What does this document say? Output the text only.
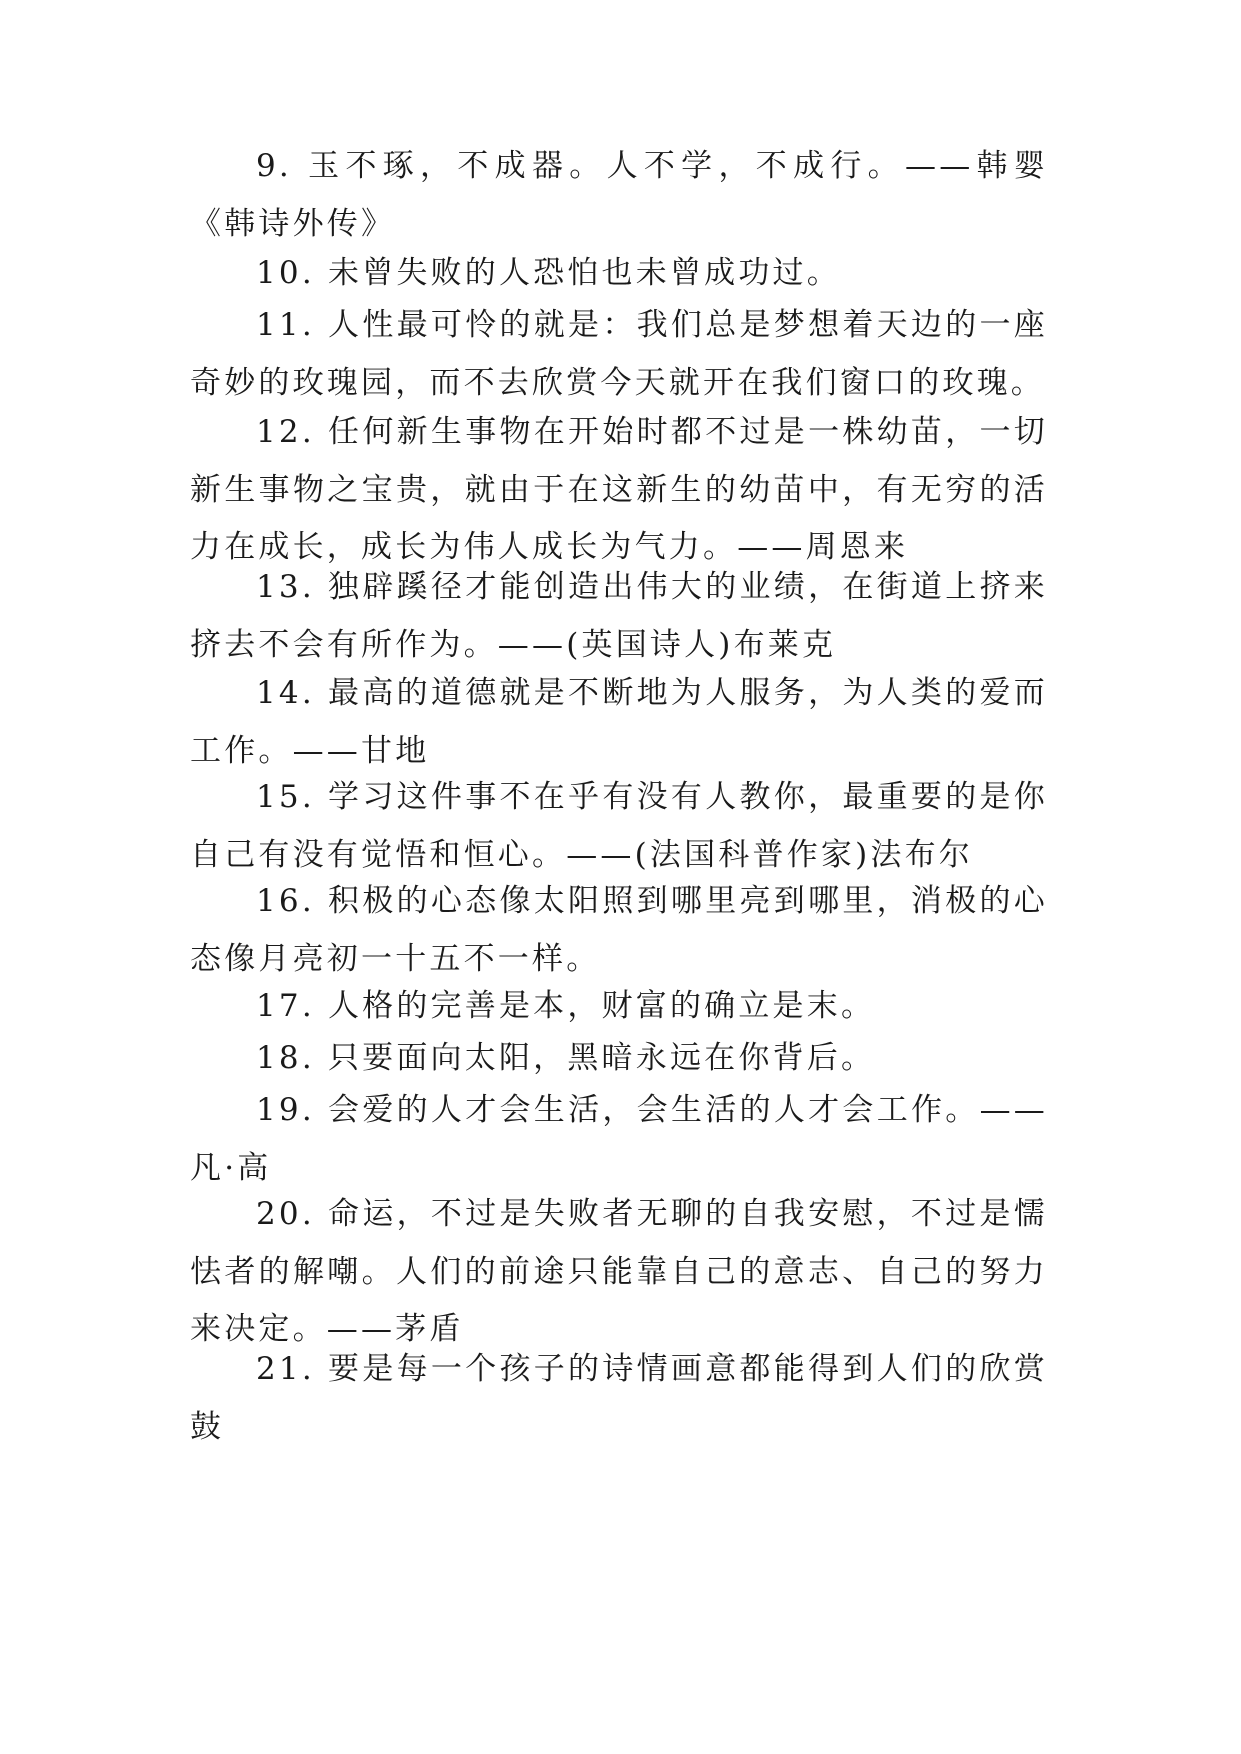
9. 玉不琢，不成器。人不学，不成行。——韩婴《韩诗外传》

10. 未曾失败的人恐怕也未曾成功过。

11. 人性最可怜的就是：我们总是梦想着天边的一座奇妙的玫瑰园，而不去欣赏今天就开在我们窗口的玫瑰。

12. 任何新生事物在开始时都不过是一株幼苗，一切新生事物之宝贵，就由于在这新生的幼苗中，有无穷的活力在成长，成长为伟人成长为气力。——周恩来

13. 独辟蹊径才能创造出伟大的业绩，在街道上挤来挤去不会有所作为。——(英国诗人)布莱克

14. 最高的道德就是不断地为人服务，为人类的爱而工作。——甘地

15. 学习这件事不在乎有没有人教你，最重要的是你自己有没有觉悟和恒心。——(法国科普作家)法布尔

16. 积极的心态像太阳照到哪里亮到哪里，消极的心态像月亮初一十五不一样。

17. 人格的完善是本，财富的确立是末。

18. 只要面向太阳，黑暗永远在你背后。

19. 会爱的人才会生活，会生活的人才会工作。——凡·高

20. 命运，不过是失败者无聊的自我安慰，不过是懦怯者的解嘲。人们的前途只能靠自己的意志、自己的努力来决定。——茅盾

21. 要是每一个孩子的诗情画意都能得到人们的欣赏鼓
